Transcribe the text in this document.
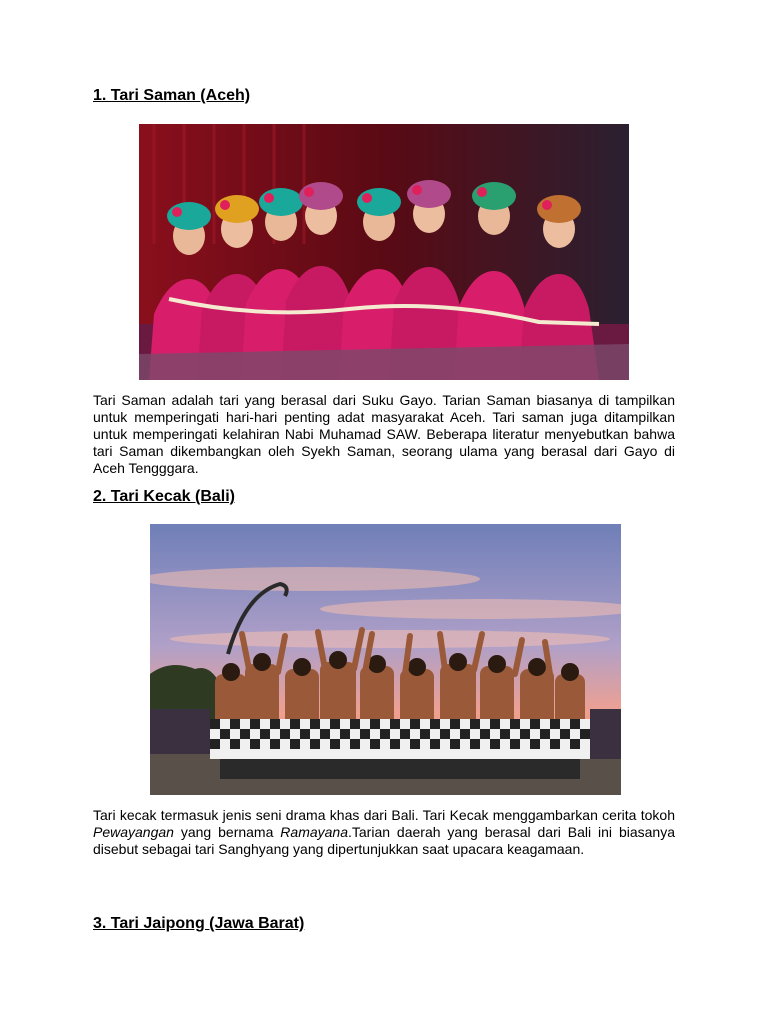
1. Tari Saman (Aceh)

Tari Saman adalah tari yang berasal dari Suku Gayo. Tarian Saman biasanya di tampilkan untuk memperingati hari-hari penting adat masyarakat Aceh. Tari saman juga ditampilkan untuk memperingati kelahiran Nabi Muhamad SAW. Beberapa literatur menyebutkan bahwa tari Saman dikembangkan oleh Syekh Saman, seorang ulama yang berasal dari Gayo di Aceh Tengggara.

2. Tari Kecak (Bali)

Tari kecak termasuk jenis seni drama khas dari Bali. Tari Kecak menggambarkan cerita tokoh Pewayangan yang bernama Ramayana.Tarian daerah yang berasal dari Bali ini biasanya disebut sebagai tari Sanghyang yang dipertunjukkan saat upacara keagamaan.

3. Tari Jaipong (Jawa Barat)
